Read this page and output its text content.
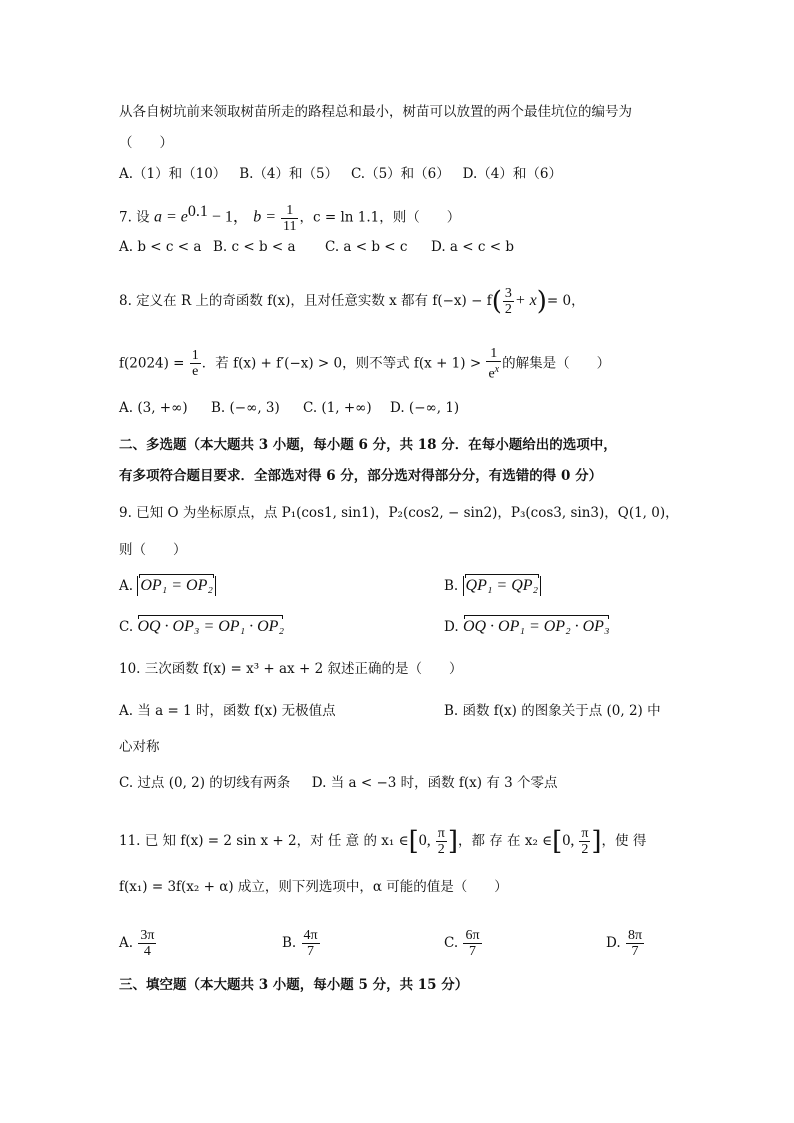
从各自树坑前来领取树苗所走的路程总和最小，树苗可以放置的两个最佳坑位的编号为
（　　）
A.（1）和（10） B.（4）和（5） C.（5）和（6） D.（4）和（6）
7. 设 $a = e^{0.1} - 1$， $b = \frac{1}{11}$ ，c = ln 1.1，则（　　）
A. b < c < a B. c < b < a C. a < b < c D. a < c < b
8. 定义在 R 上的奇函数 f(x)，且对任意实数 x 都有 $f(-x) - f( \frac{3}{2} + x)= 0$，
$f(2024) = \frac{1}{e}$ ．若 f(x) + f′(−x) > 0，则不等式 $f(x + 1) > \frac{1}{e^x}$ 的解集是（　　）
A. (3, +∞) B. (−∞, 3) C. (1, +∞) D. (−∞, 1)
二、多选题（本大题共 3 小题，每小题 6 分，共 18 分．在每小题给出的选项中，
有多项符合题目要求．全部选对得 6 分，部分选对得部分分，有选错的得 0 分）
9. 已知 O 为坐标原点，点 P₁(cos1, sin1)，P₂(cos2, − sin2)，P₃(cos3, sin3)，Q(1, 0)，
则（　　）
A. OP₁ = OP₂	B. QP₁ = QP₂
C. OQ · OP₃ = OP₁ · OP₂	D. OQ · OP₁ = OP₂ · OP₃
10. 三次函数 f(x) = x³ + ax + 2 叙述正确的是（　　）
A. 当 a = 1 时，函数 f(x) 无极值点	B. 函数 f(x) 的图象关于点 (0, 2) 中
心对称
C. 过点 (0, 2) 的切线有两条 D. 当 a < −3 时，函数 f(x) 有 3 个零点
11. 已 知 f(x) = 2 sin x + 2，对 任 意 的 x₁ ∈[0, $\frac{\pi}{2}$ ]，都 存 在 x₂ ∈[0, $\frac{\pi}{2}$ ]，使 得
f(x₁) = 3f(x₂ + α) 成立，则下列选项中，α 可能的值是（　　）
A. $\frac{3\pi}{4}$	B. $\frac{4\pi}{7}$	C. $\frac{6\pi}{7}$	D. $\frac{8\pi}{7}$
三、填空题（本大题共 3 小题，每小题 5 分，共 15 分）
